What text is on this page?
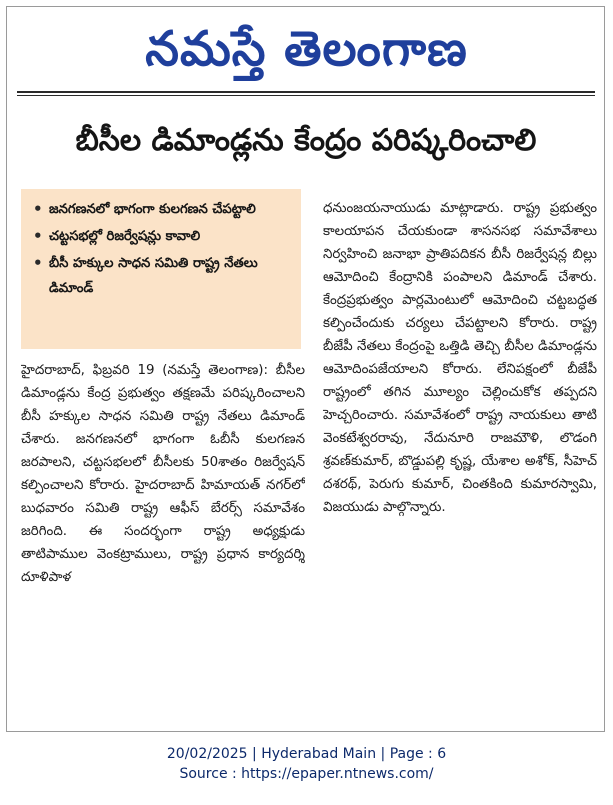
నమస్తే తెలంగాణ
బీసీల డిమాండ్లను కేంద్రం పరిష్కరించాలి
• జనగణనలో భాగంగా కులగణన చేపట్టాలి
• చట్టసభల్లో రిజర్వేషన్లు కావాలి
• బీసీ హక్కుల సాధన సమితి రాష్ట్ర నేతలు డిమాండ్

హైదరాబాద్, ఫిబ్రవరి 19 (నమస్తే తెలంగాణ): బీసీల డిమాండ్లను కేంద్ర ప్రభుత్వం తక్షణమే పరిష్కరించాలని బీసీ హక్కుల సాధన సమితి రాష్ట్ర నేతలు డిమాండ్ చేశారు. జనగణనలో భాగంగా ఓబీసీ కులగణన జరపాలని, చట్టసభలలో బీసీలకు 50శాతం రిజర్వేషన్ కల్పించాలని కోరారు. హైదరాబాద్ హిమాయత్ నగర్‌లో బుధవారం సమితి రాష్ట్ర ఆఫీస్ బేరర్స్ సమావేశం జరిగింది. ఈ సందర్భంగా రాష్ట్ర అధ్యక్షుడు తాటిపాముల వెంకట్రాములు, రాష్ట్ర ప్రధాన కార్యదర్శి దూళిపాళ

ధనుంజయనాయుడు మాట్లాడారు. రాష్ట్ర ప్రభుత్వం కాలయాపన చేయకుండా శాసనసభ సమావేశాలు నిర్వహించి జనాభా ప్రాతిపదికన బీసీ రిజర్వేషన్ల బిల్లు ఆమోదించి కేంద్రానికి పంపాలని డిమాండ్ చేశారు. కేంద్రప్రభుత్వం పార్లమెంటులో ఆమోదించి చట్టబద్ధత కల్పించేందుకు చర్యలు చేపట్టాలని కోరారు. రాష్ట్ర బీజేపీ నేతలు కేంద్రంపై ఒత్తిడి తెచ్చి బీసీల డిమాండ్లను ఆమోదింపజేయాలని కోరారు. లేనిపక్షంలో బీజేపీ రాష్ట్రంలో తగిన మూల్యం చెల్లించుకోక తప్పదని హెచ్చరించారు. సమావేశంలో రాష్ట్ర నాయకులు తాటి వెంకటేశ్వరరావు, నేదునూరి రాజమౌళి, లొడంగి శ్రవణ్‌కుమార్, బొడ్డుపల్లి కృష్ణ, యేశాల అశోక్, సీహెచ్ దశరథ్, పెరుగు కుమార్, చింతకింది కుమారస్వామి, విజయుడు పాల్గొన్నారు.

20/02/2025 | Hyderabad Main | Page : 6
Source : https://epaper.ntnews.com/
